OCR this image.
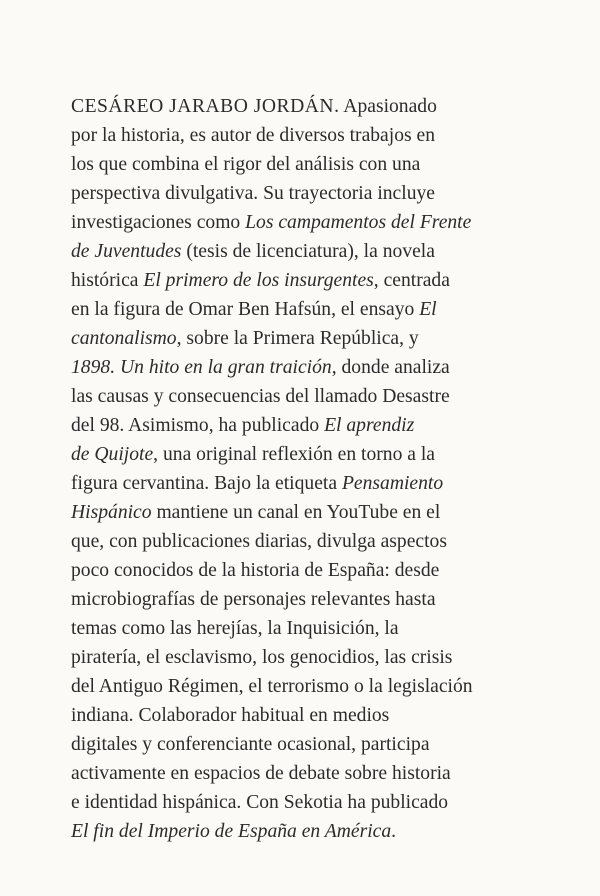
CESÁREO JARABO JORDÁN. Apasionado
por la historia, es autor de diversos trabajos en
los que combina el rigor del análisis con una
perspectiva divulgativa. Su trayectoria incluye
investigaciones como Los campamentos del Frente
de Juventudes (tesis de licenciatura), la novela
histórica El primero de los insurgentes, centrada
en la figura de Omar Ben Hafsún, el ensayo El
cantonalismo, sobre la Primera República, y
1898. Un hito en la gran traición, donde analiza
las causas y consecuencias del llamado Desastre
del 98. Asimismo, ha publicado El aprendiz
de Quijote, una original reflexión en torno a la
figura cervantina. Bajo la etiqueta Pensamiento
Hispánico mantiene un canal en YouTube en el
que, con publicaciones diarias, divulga aspectos
poco conocidos de la historia de España: desde
microbiografías de personajes relevantes hasta
temas como las herejías, la Inquisición, la
piratería, el esclavismo, los genocidios, las crisis
del Antiguo Régimen, el terrorismo o la legislación
indiana. Colaborador habitual en medios
digitales y conferenciante ocasional, participa
activamente en espacios de debate sobre historia
e identidad hispánica. Con Sekotia ha publicado
El fin del Imperio de España en América.
